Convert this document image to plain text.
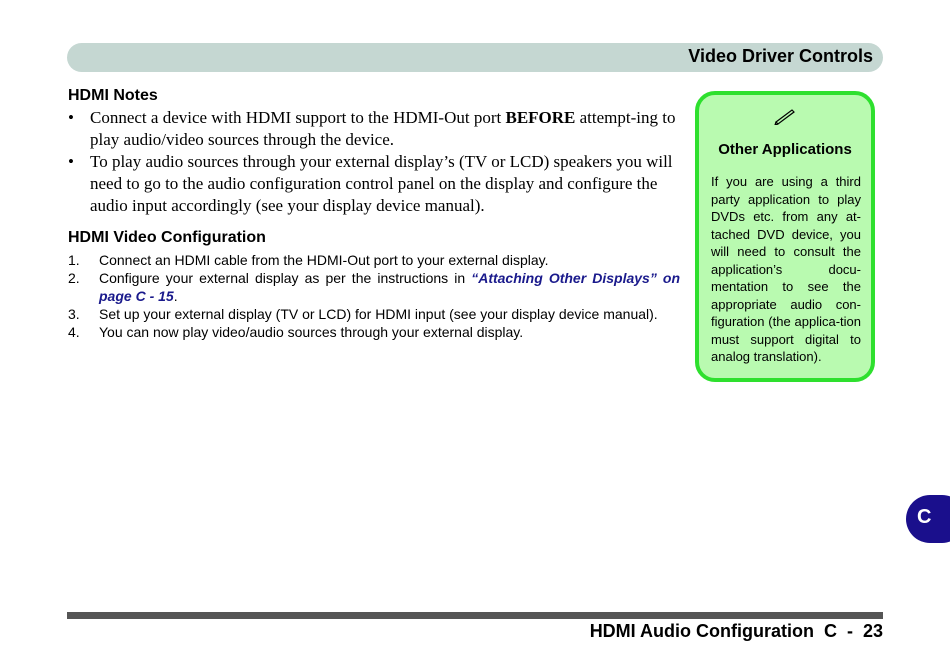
Video Driver Controls
HDMI Notes
• Connect a device with HDMI support to the HDMI-Out port BEFORE attempt-ing to play audio/video sources through the device.
• To play audio sources through your external display’s (TV or LCD) speakers you will need to go to the audio configuration control panel on the display and configure the audio input accordingly (see your display device manual).
HDMI Video Configuration
1. Connect an HDMI cable from the HDMI-Out port to your external display.
2. Configure your external display as per the instructions in “Attaching Other Displays” on page C - 15.
3. Set up your external display (TV or LCD) for HDMI input (see your display device manual).
4. You can now play video/audio sources through your external display.
Other Applications
If you are using a third party application to play DVDs etc. from any at-tached DVD device, you will need to consult the application’s docu-mentation to see the appropriate audio con-figuration (the applica-tion must support digital to analog translation).
C
HDMI Audio Configuration  C  -  23
